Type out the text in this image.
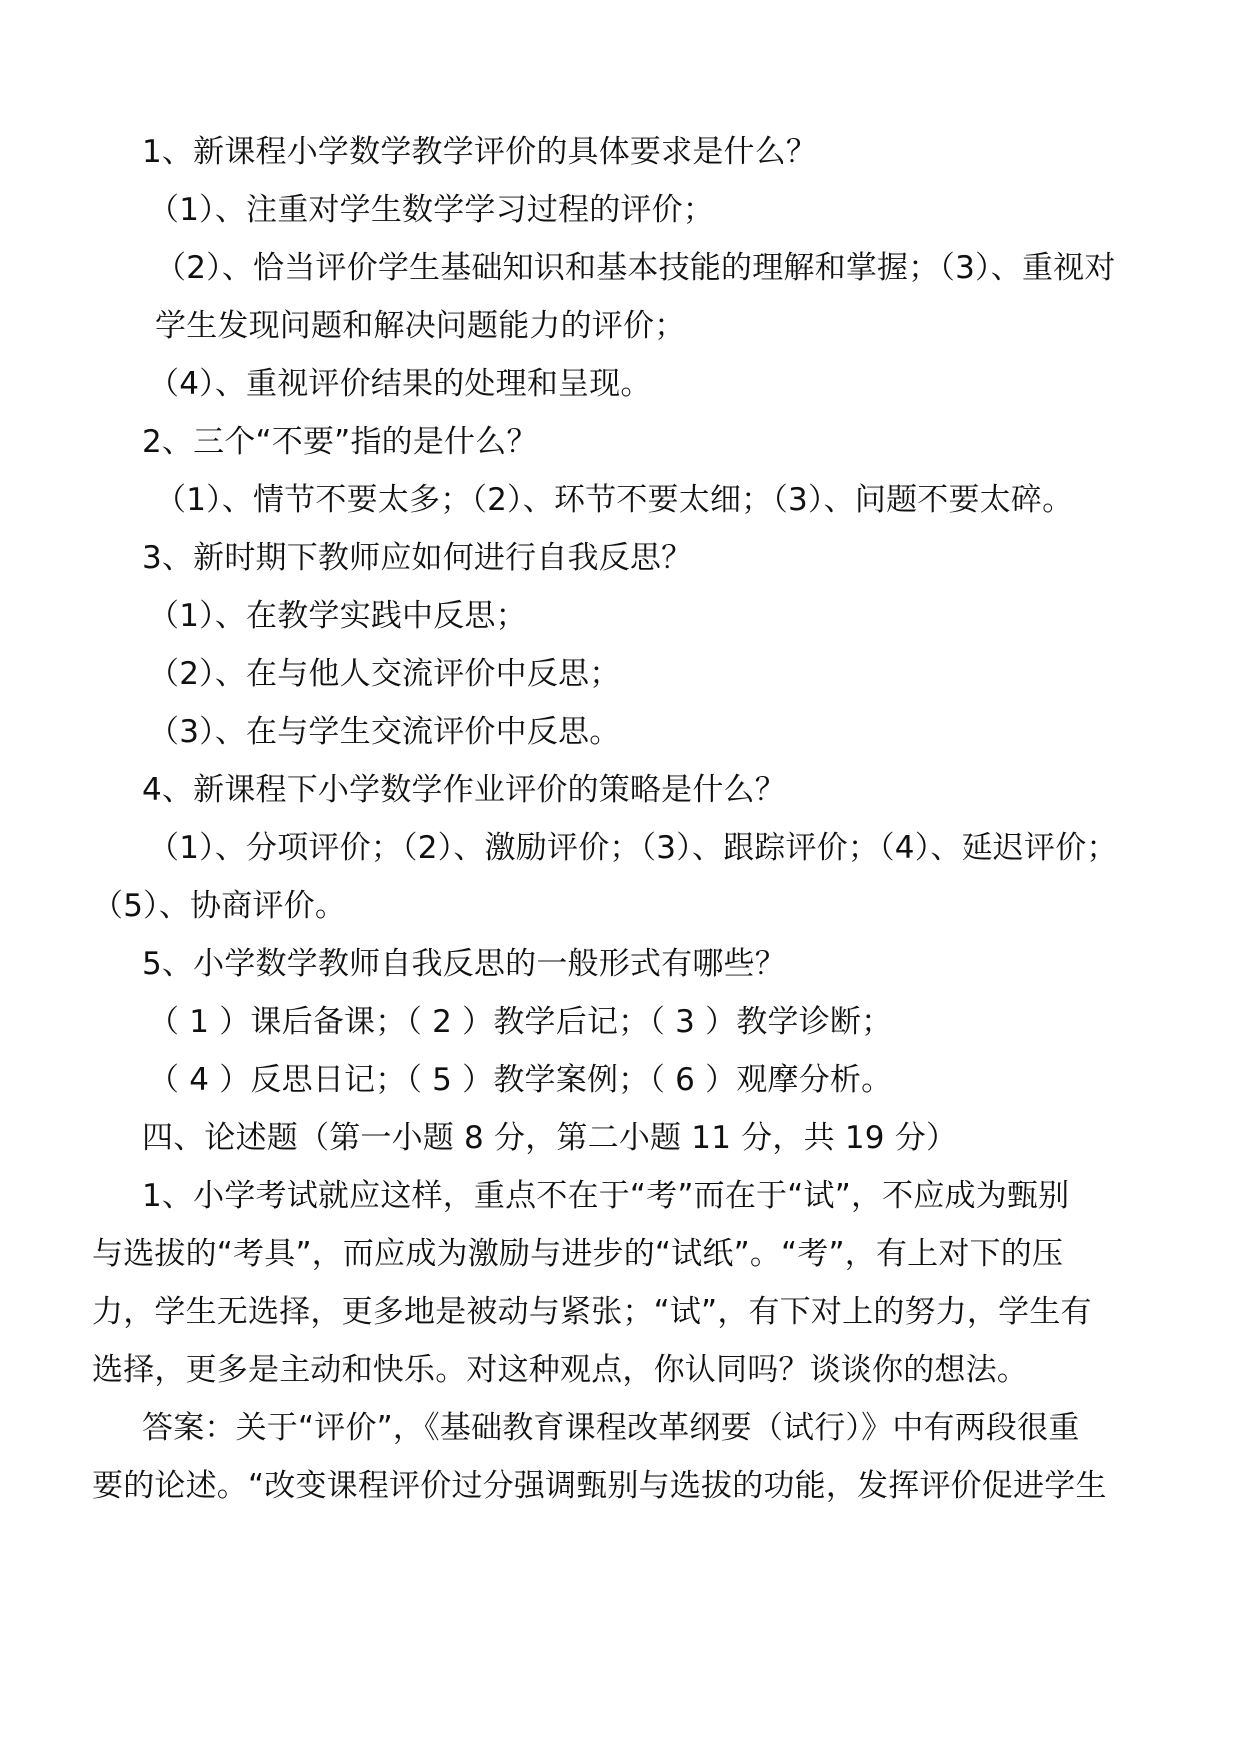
1、新课程小学数学教学评价的具体要求是什么？
（1）、注重对学生数学学习过程的评价；
（2）、恰当评价学生基础知识和基本技能的理解和掌握；（3）、重视对
学生发现问题和解决问题能力的评价；
（4）、重视评价结果的处理和呈现。
2、三个“不要”指的是什么？
（1）、情节不要太多；（2）、环节不要太细；（3）、问题不要太碎。
3、新时期下教师应如何进行自我反思？
（1）、在教学实践中反思；
（2）、在与他人交流评价中反思；
（3）、在与学生交流评价中反思。
4、新课程下小学数学作业评价的策略是什么？
（1）、分项评价；（2）、激励评价；（3）、跟踪评价；（4）、延迟评价；
（5）、协商评价。
5、小学数学教师自我反思的一般形式有哪些？
（ 1 ）课后备课；（ 2 ）教学后记；（ 3 ）教学诊断；
（ 4 ）反思日记；（ 5 ）教学案例；（ 6 ）观摩分析。
四、论述题（第一小题 8 分，第二小题 11 分，共 19 分）
1、小学考试就应这样，重点不在于“考”而在于“试”，不应成为甄别
与选拔的“考具”，而应成为激励与进步的“试纸”。“考”，有上对下的压
力，学生无选择，更多地是被动与紧张；“试”，有下对上的努力，学生有
选择，更多是主动和快乐。对这种观点，你认同吗？谈谈你的想法。
答案：关于“评价”，《基础教育课程改革纲要（试行）》中有两段很重
要的论述。“改变课程评价过分强调甄别与选拔的功能，发挥评价促进学生
